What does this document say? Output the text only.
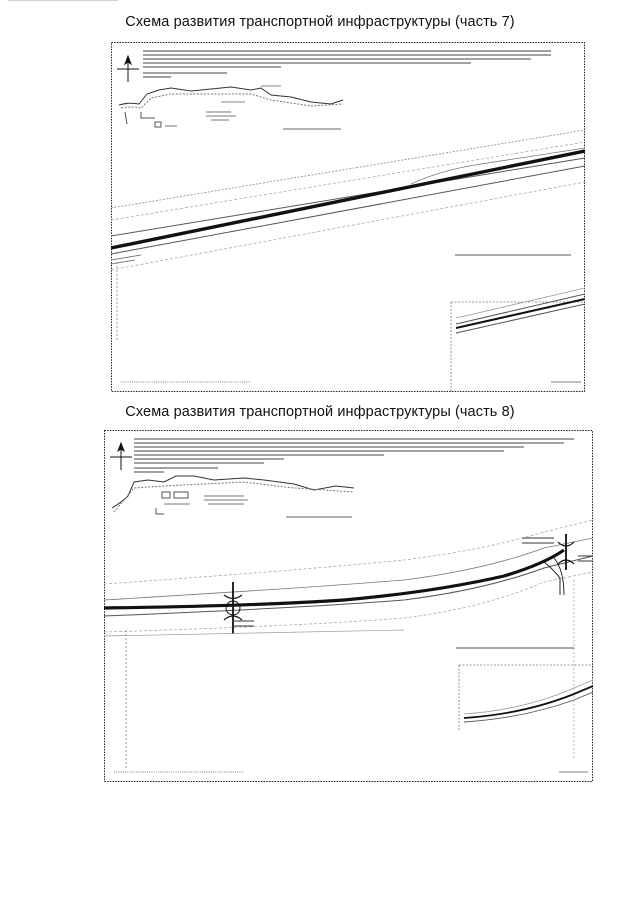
Схема развития транспортной инфраструктуры (часть 7)
Схема развития транспортной инфраструктуры (часть 8)
